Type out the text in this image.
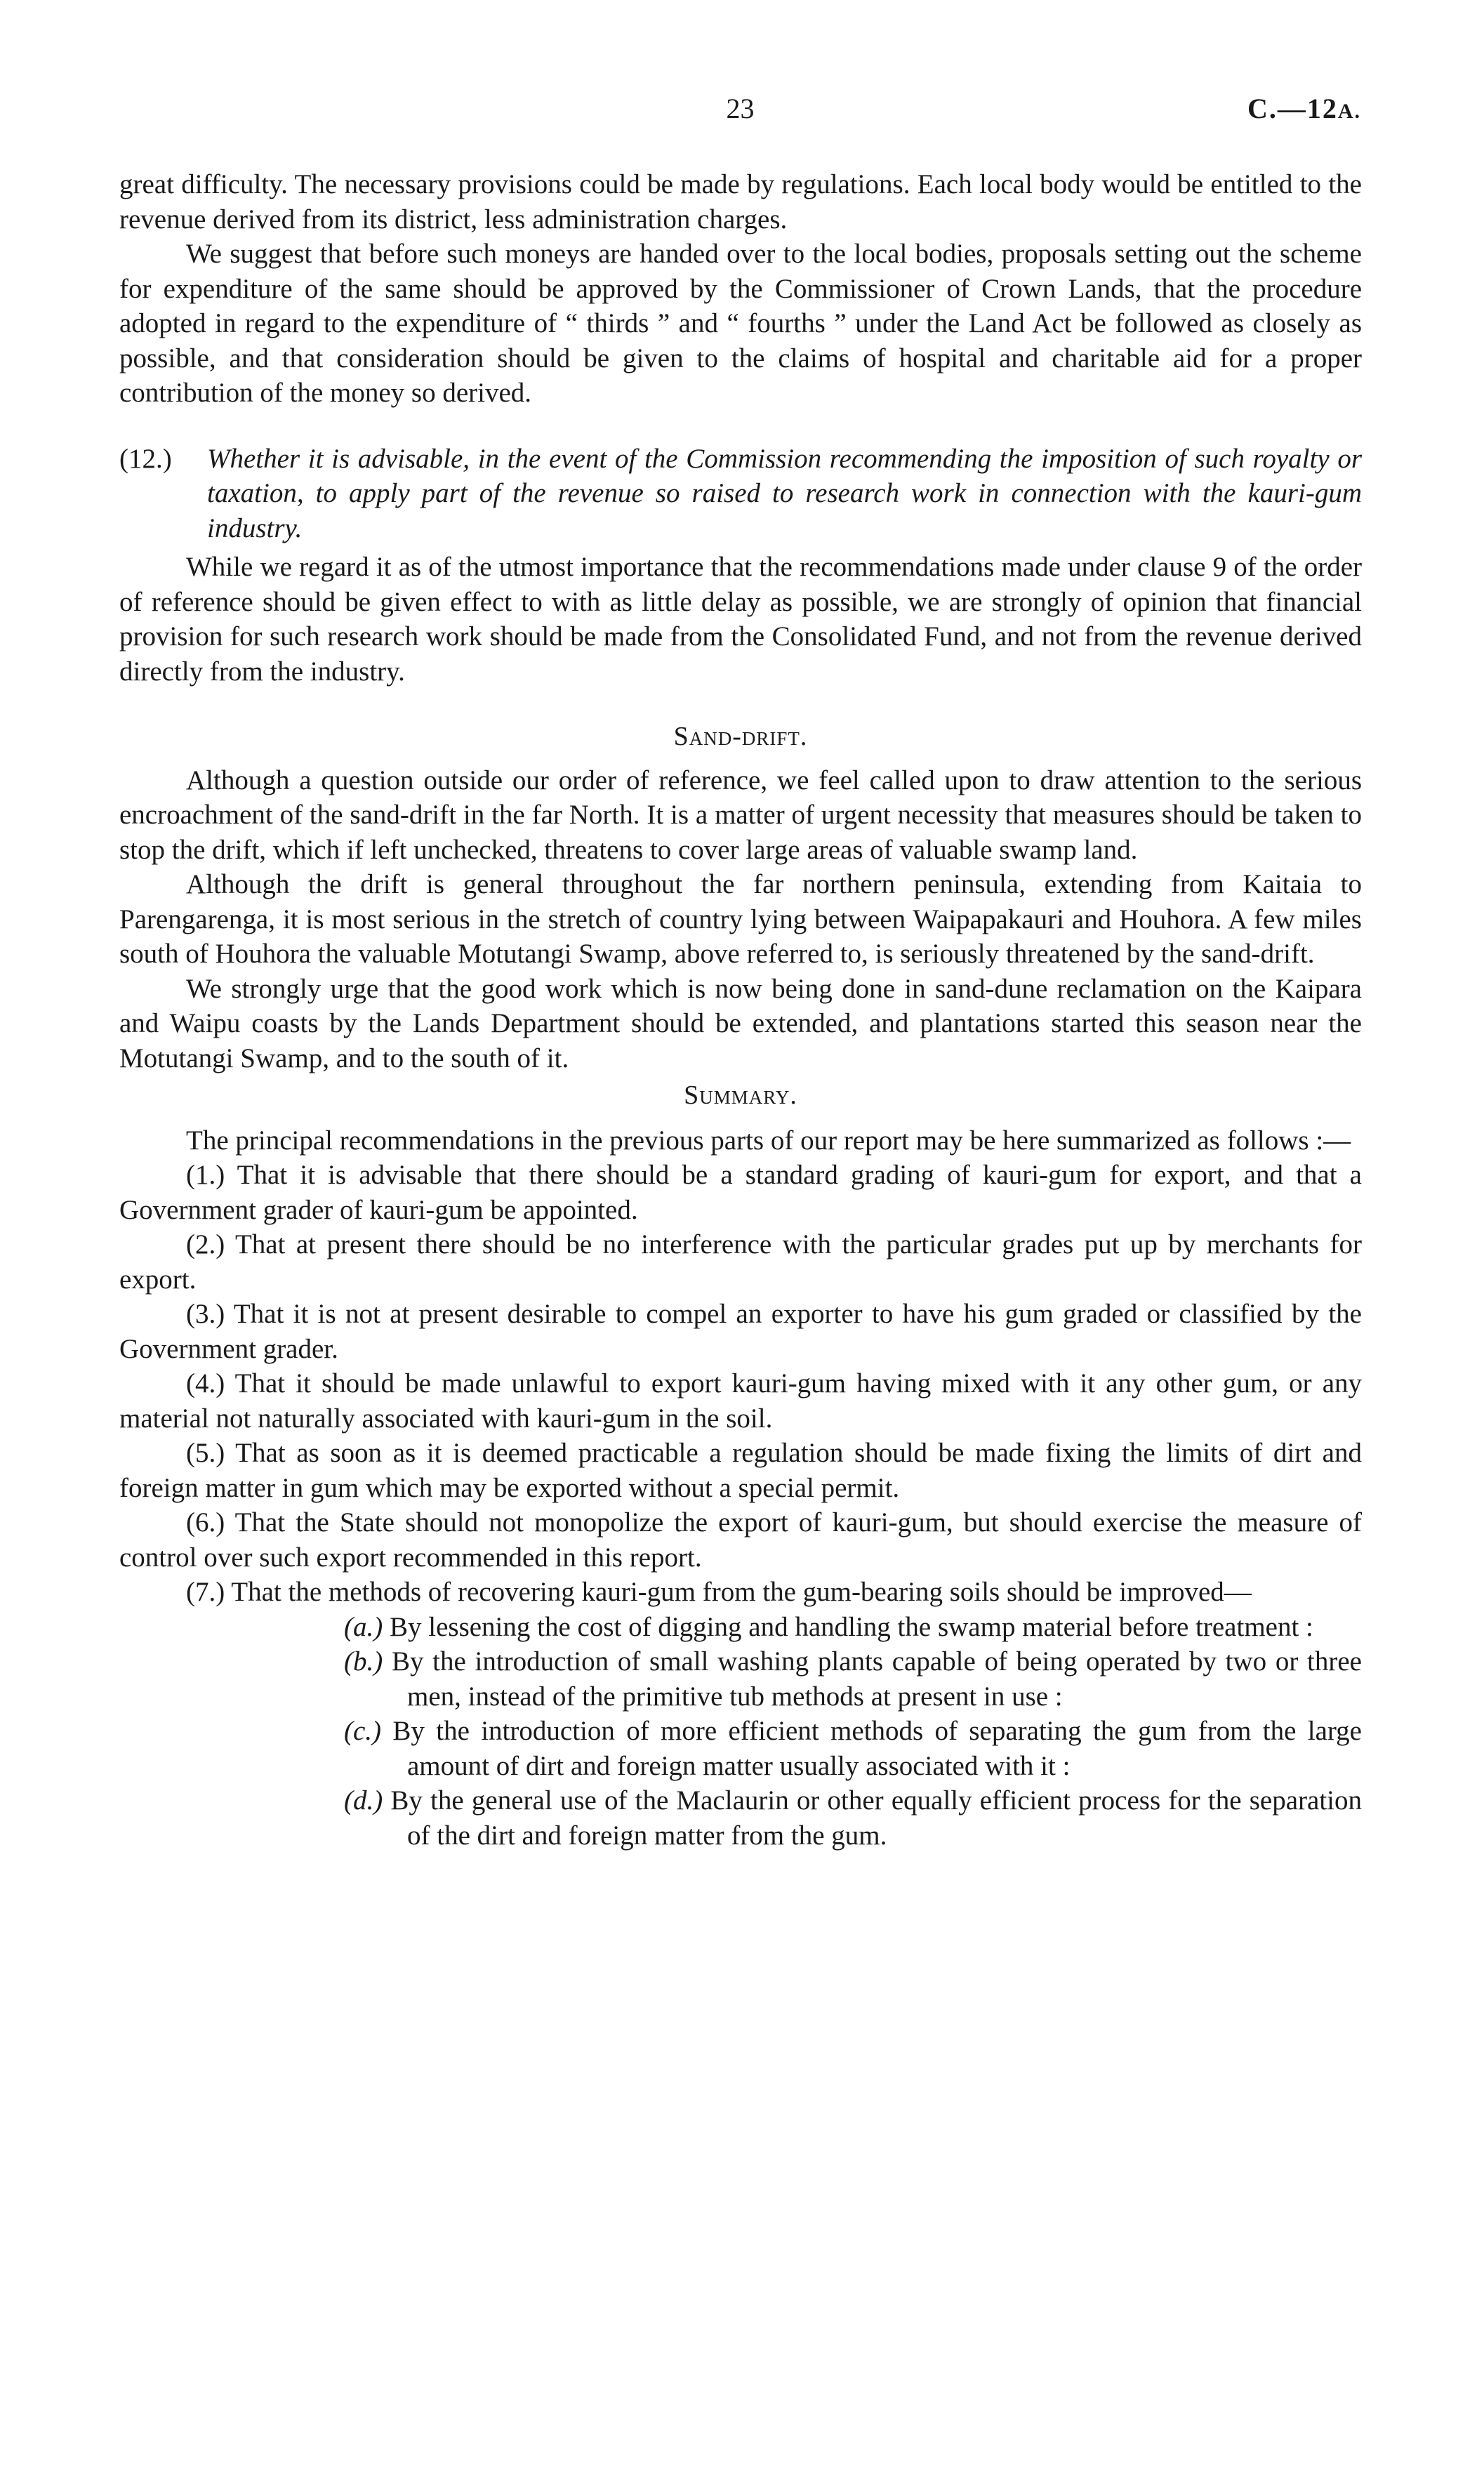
23	C.—12A.

great difficulty. The necessary provisions could be made by regulations. Each local body would be entitled to the revenue derived from its district, less administration charges.

We suggest that before such moneys are handed over to the local bodies, proposals setting out the scheme for expenditure of the same should be approved by the Commissioner of Crown Lands, that the procedure adopted in regard to the expenditure of “ thirds ” and “ fourths ” under the Land Act be followed as closely as possible, and that consideration should be given to the claims of hospital and charitable aid for a proper contribution of the money so derived.

(12.)	Whether it is advisable, in the event of the Commission recommending the imposition of such royalty or taxation, to apply part of the revenue so raised to research work in connection with the kauri-gum industry.

While we regard it as of the utmost importance that the recommendations made under clause 9 of the order of reference should be given effect to with as little delay as possible, we are strongly of opinion that financial provision for such research work should be made from the Consolidated Fund, and not from the revenue derived directly from the industry.

Sand-drift.

Although a question outside our order of reference, we feel called upon to draw attention to the serious encroachment of the sand-drift in the far North. It is a matter of urgent necessity that measures should be taken to stop the drift, which if left unchecked, threatens to cover large areas of valuable swamp land.

Although the drift is general throughout the far northern peninsula, extending from Kaitaia to Parengarenga, it is most serious in the stretch of country lying between Waipapakauri and Houhora. A few miles south of Houhora the valuable Motutangi Swamp, above referred to, is seriously threatened by the sand-drift.

We strongly urge that the good work which is now being done in sand-dune reclamation on the Kaipara and Waipu coasts by the Lands Department should be extended, and plantations started this season near the Motutangi Swamp, and to the south of it.

Summary.

The principal recommendations in the previous parts of our report may be here summarized as follows :—

(1.) That it is advisable that there should be a standard grading of kauri-gum for export, and that a Government grader of kauri-gum be appointed.

(2.) That at present there should be no interference with the particular grades put up by merchants for export.

(3.) That it is not at present desirable to compel an exporter to have his gum graded or classified by the Government grader.

(4.) That it should be made unlawful to export kauri-gum having mixed with it any other gum, or any material not naturally associated with kauri-gum in the soil.

(5.) That as soon as it is deemed practicable a regulation should be made fixing the limits of dirt and foreign matter in gum which may be exported without a special permit.

(6.) That the State should not monopolize the export of kauri-gum, but should exercise the measure of control over such export recommended in this report.

(7.) That the methods of recovering kauri-gum from the gum-bearing soils should be improved—

(a.) By lessening the cost of digging and handling the swamp material before treatment :

(b.) By the introduction of small washing plants capable of being operated by two or three men, instead of the primitive tub methods at present in use :

(c.) By the introduction of more efficient methods of separating the gum from the large amount of dirt and foreign matter usually associated with it :

(d.) By the general use of the Maclaurin or other equally efficient process for the separation of the dirt and foreign matter from the gum.
